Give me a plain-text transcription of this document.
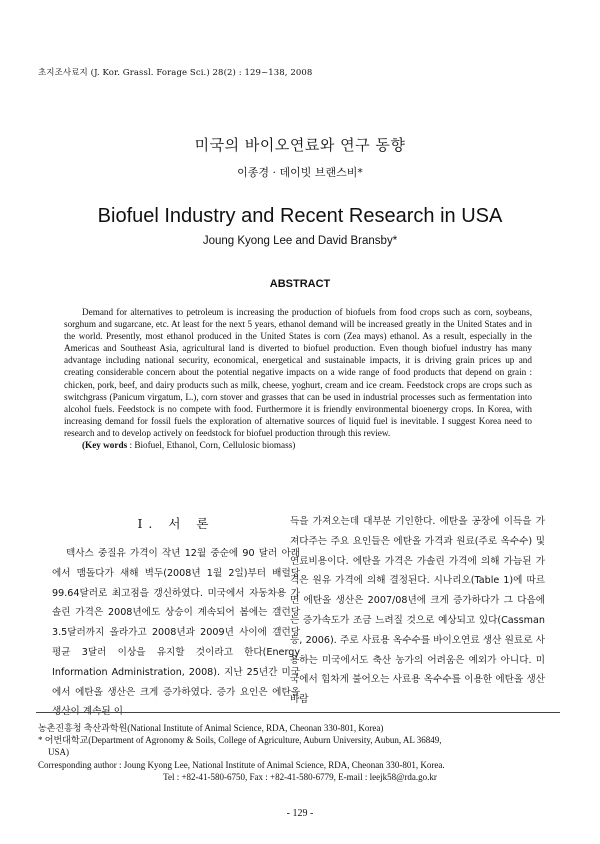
초지조사료지 (J. Kor. Grassl. Forage Sci.) 28(2) : 129~138, 2008
미국의 바이오연료와 연구 동향
이종경 · 데이빗 브랜스비*
Biofuel Industry and Recent Research in USA
Joung Kyong Lee and David Bransby*
ABSTRACT

Demand for alternatives to petroleum is increasing the production of biofuels from food crops such as corn, soybeans, sorghum and sugarcane, etc. At least for the next 5 years, ethanol demand will be increased greatly in the United States and in the world. Presently, most ethanol produced in the United States is corn (Zea mays) ethanol. As a result, especially in the Americas and Southeast Asia, agricultural land is diverted to biofuel production. Even though biofuel industry has many advantage including national security, economical, energetical and sustainable impacts, it is driving grain prices up and creating considerable concern about the potential negative impacts on a wide range of food products that depend on grain : chicken, pork, beef, and dairy products such as milk, cheese, yoghurt, cream and ice cream. Feedstock crops are crops such as switchgrass (Panicum virgatum, L.), corn stover and grasses that can be used in industrial processes such as fermentation into alcohol fuels. Feedstock is no compete with food. Furthermore it is friendly environmental bioenergy crops. In Korea, with increasing demand for fossil fuels the exploration of alternative sources of liquid fuel is inevitable. I suggest Korea need to research and to develop actively on feedstock for biofuel production through this review.

(Key words : Biofuel, Ethanol, Corn, Cellulosic biomass)

Ⅰ. 서 론

텍사스 중질유 가격이 작년 12월 중순에 90 달러 아래에서 맴돌다가 새해 벽두(2008년 1월 2일)부터 배럴당 99.64달러로 최고점을 갱신하였다. 미국에서 자동차용 가솔린 가격은 2008년에도 상승이 계속되어 봄에는 갤런당 3.5달러까지 올라가고 2008년과 2009년 사이에 갤런당 평균 3달러 이상을 유지할 것이라고 한다(Energy Information Administration, 2008). 지난 25년간 미국에서 에탄올 생산은 크게 증가하였다. 증가 요인은 에탄올 생산이 계속된 이

득을 가져오는데 대부분 기인한다. 에탄올 공장에 이득을 가져다주는 주요 요인들은 에탄올 가격과 원료(주로 옥수수) 및 연료비용이다. 에탄올 가격은 가솔린 가격에 의해 가늠된 가격은 원유 가격에 의해 결정된다. 시나리오(Table 1)에 따르면 에탄올 생산은 2007/08년에 크게 증가하다가 그 다음에는 증가속도가 조금 느려질 것으로 예상되고 있다(Cassman 등, 2006). 주로 사료용 옥수수를 바이오연료 생산 원료로 사용하는 미국에서도 축산 농가의 어려움은 예외가 아니다. 미국에서 힘차게 불어오는 사료용 옥수수를 이용한 에탄올 생산 바람

농촌진흥청 축산과학원(National Institute of Animal Science, RDA, Cheonan 330-801, Korea)

* 어번대학교(Department of Agronomy & Soils, College of Agriculture, Auburn University, Aubun, AL 36849,

USA)

Corresponding author : Joung Kyong Lee, National Institute of Animal Science, RDA, Cheonan 330-801, Korea.

Tel : +82-41-580-6750, Fax : +82-41-580-6779, E-mail : leejk58@rda.go.kr

- 129 -
